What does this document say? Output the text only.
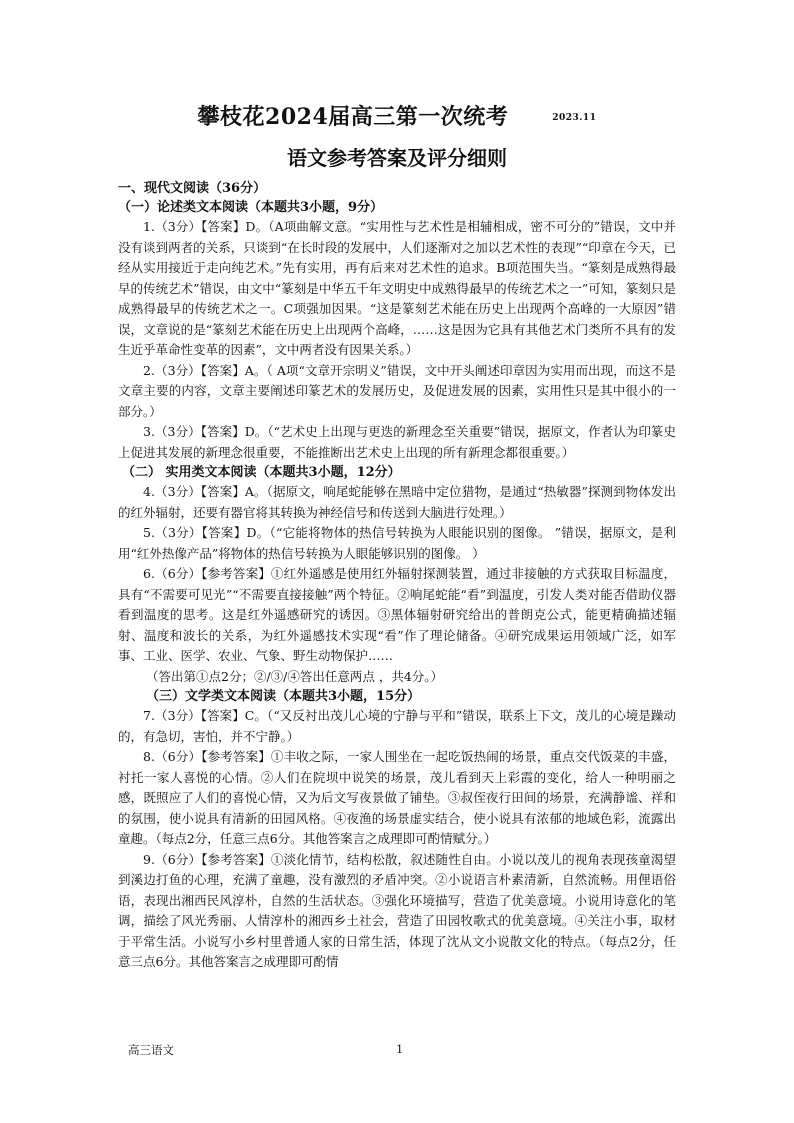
攀枝花2024届高三第一次统考	2023.11
语文参考答案及评分细则

一、现代文阅读（36分）

（一）论述类文本阅读（本题共3小题，9分）

1.（3分）【答案】D。（A项曲解文意。“实用性与艺术性是相辅相成，密不可分的”错误，文中并没有谈到两者的关系，只谈到“在长时段的发展中，人们逐渐对之加以艺术性的表现”“印章在今天，已经从实用接近于走向纯艺术。”先有实用，再有后来对艺术性的追求。B项范围失当。“篆刻是成熟得最早的传统艺术”错误，由文中“篆刻是中华五千年文明史中成熟得最早的传统艺术之一”可知，篆刻只是成熟得最早的传统艺术之一。C项强加因果。“这是篆刻艺术能在历史上出现两个高峰的一大原因”错误，文章说的是“篆刻艺术能在历史上出现两个高峰，……这是因为它具有其他艺术门类所不具有的发生近乎革命性变革的因素”，文中两者没有因果关系。）

2.（3分）【答案】A。（ A项“文章开宗明义”错误，文中开头阐述印章因为实用而出现，而这不是文章主要的内容，文章主要阐述印篆艺术的发展历史，及促进发展的因素，实用性只是其中很小的一部分。）

3.（3分）【答案】D。（“艺术史上出现与更迭的新理念至关重要”错误，据原文，作者认为印篆史上促进其发展的新理念很重要，不能推断出艺术史上出现的所有新理念都很重要。）

（二） 实用类文本阅读（本题共3小题，12分）

4.（3分）【答案】A。（据原文，响尾蛇能够在黑暗中定位猎物，是通过“热敏器”探测到物体发出的红外辐射，还要有器官将其转换为神经信号和传送到大脑进行处理。）

5.（3分）【答案】D。（“它能将物体的热信号转换为人眼能识别的图像。 ”错误，据原文，是利用“红外热像产品”将物体的热信号转换为人眼能够识别的图像。 ）

6.（6分）【参考答案】①红外遥感是使用红外辐射探测装置，通过非接触的方式获取目标温度，具有“不需要可见光”“不需要直接接触”两个特征。②响尾蛇能“看”到温度，引发人类对能否借助仪器看到温度的思考。这是红外遥感研究的诱因。③黑体辐射研究给出的普朗克公式，能更精确描述辐射、温度和波长的关系，为红外遥感技术实现“看”作了理论储备。④研究成果运用领域广泛，如军事、工业、医学、农业、气象、野生动物保护……

（答出第①点2分；②/③/④答出任意两点 ，共4分。）

（三）文学类文本阅读（本题共3小题，15分）

7.（3分）【答案】C。（“又反衬出茂儿心境的宁静与平和”错误，联系上下文，茂儿的心境是躁动的，有急切，害怕，并不宁静。）

8.（6分）【参考答案】①丰收之际，一家人围坐在一起吃饭热闹的场景，重点交代饭菜的丰盛，衬托一家人喜悦的心情。②人们在院坝中说笑的场景，茂儿看到天上彩霞的变化，给人一种明丽之感，既照应了人们的喜悦心情，又为后文写夜景做了铺垫。③叔侄夜行田间的场景，充满静谧、祥和的氛围，使小说具有清新的田园风格。④夜渔的场景虚实结合，使小说具有浓郁的地域色彩，流露出童趣。（每点2分，任意三点6分。其他答案言之成理即可酌情赋分。）

9.（6分）【参考答案】①淡化情节，结构松散，叙述随性自由。小说以茂儿的视角表现孩童渴望到溪边打鱼的心理，充满了童趣，没有激烈的矛盾冲突。②小说语言朴素清新，自然流畅。用俚语俗语，表现出湘西民风淳朴，自然的生活状态。③强化环境描写，营造了优美意境。小说用诗意化的笔调，描绘了风光秀丽、人情淳朴的湘西乡土社会，营造了田园牧歌式的优美意境。④关注小事，取材于平常生活。小说写小乡村里普通人家的日常生活，体现了沈从文小说散文化的特点。（每点2分，任意三点6分。其他答案言之成理即可酌情

高三语文	1
